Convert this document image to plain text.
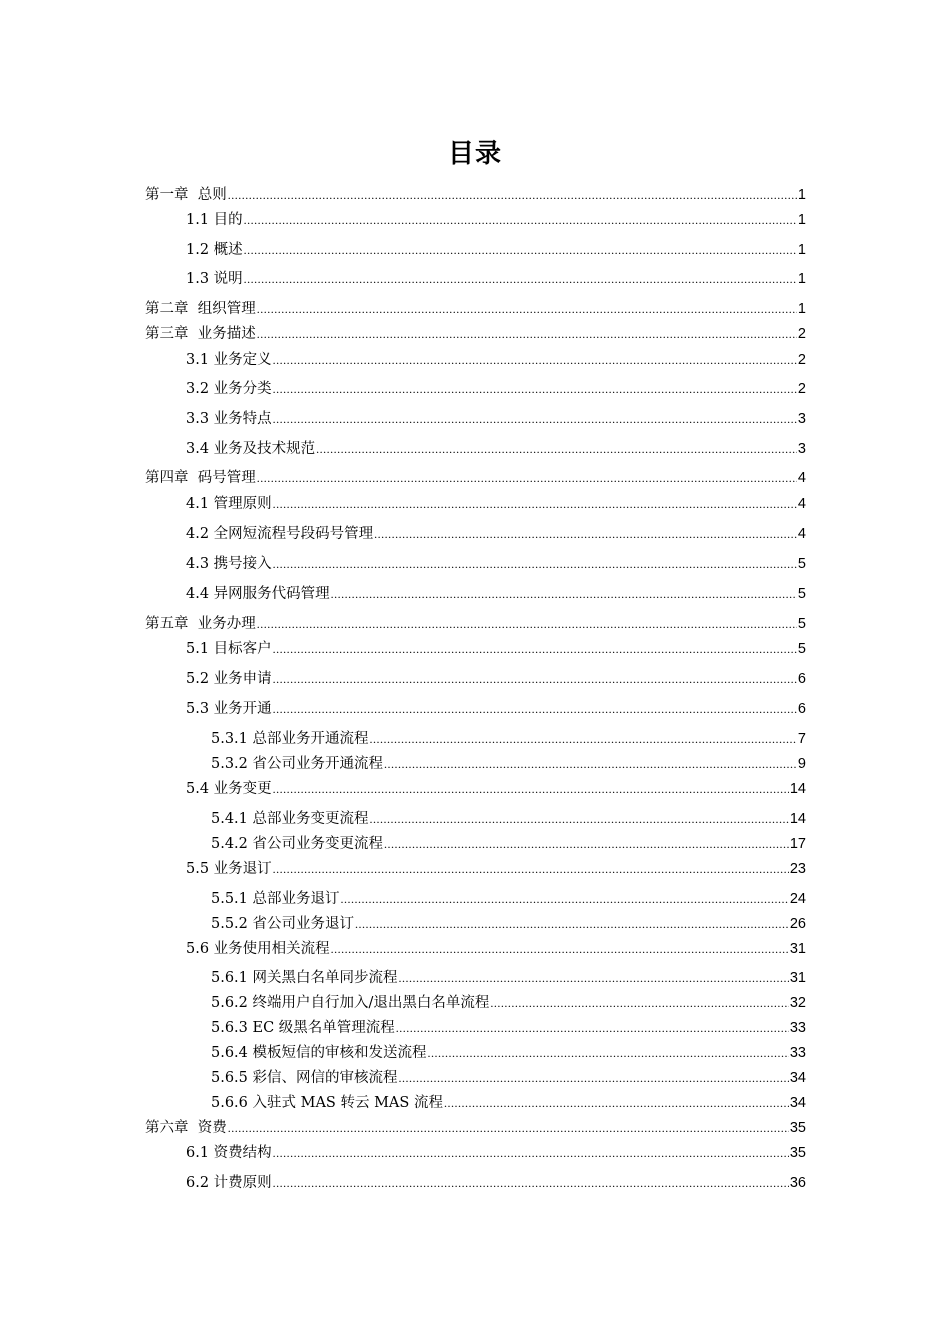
目录
第一章  总则 .....	1
1.1 目的 .....	1
1.2 概述 .....	1
1.3 说明 .....	1
第二章  组织管理 .....	1
第三章  业务描述 .....	2
3.1 业务定义 .....	2
3.2 业务分类 .....	2
3.3 业务特点 .....	3
3.4 业务及技术规范 .....	3
第四章  码号管理 .....	4
4.1 管理原则 .....	4
4.2 全网短流程号段码号管理 .....	4
4.3 携号接入 .....	5
4.4 异网服务代码管理 .....	5
第五章  业务办理 .....	5
5.1 目标客户 .....	5
5.2 业务申请 .....	6
5.3 业务开通 .....	6
5.3.1 总部业务开通流程 .....	7
5.3.2 省公司业务开通流程 .....	9
5.4 业务变更 .....	14
5.4.1 总部业务变更流程 .....	14
5.4.2 省公司业务变更流程 .....	17
5.5 业务退订 .....	23
5.5.1 总部业务退订 .....	24
5.5.2 省公司业务退订 .....	26
5.6 业务使用相关流程 .....	31
5.6.1 网关黑白名单同步流程 .....	31
5.6.2 终端用户自行加入/退出黑白名单流程 .....	32
5.6.3 EC 级黑名单管理流程 .....	33
5.6.4 模板短信的审核和发送流程 .....	33
5.6.5 彩信、网信的审核流程 .....	34
5.6.6 入驻式 MAS 转云 MAS 流程 .....	34
第六章  资费 .....	35
6.1 资费结构 .....	35
6.2 计费原则 .....	36
